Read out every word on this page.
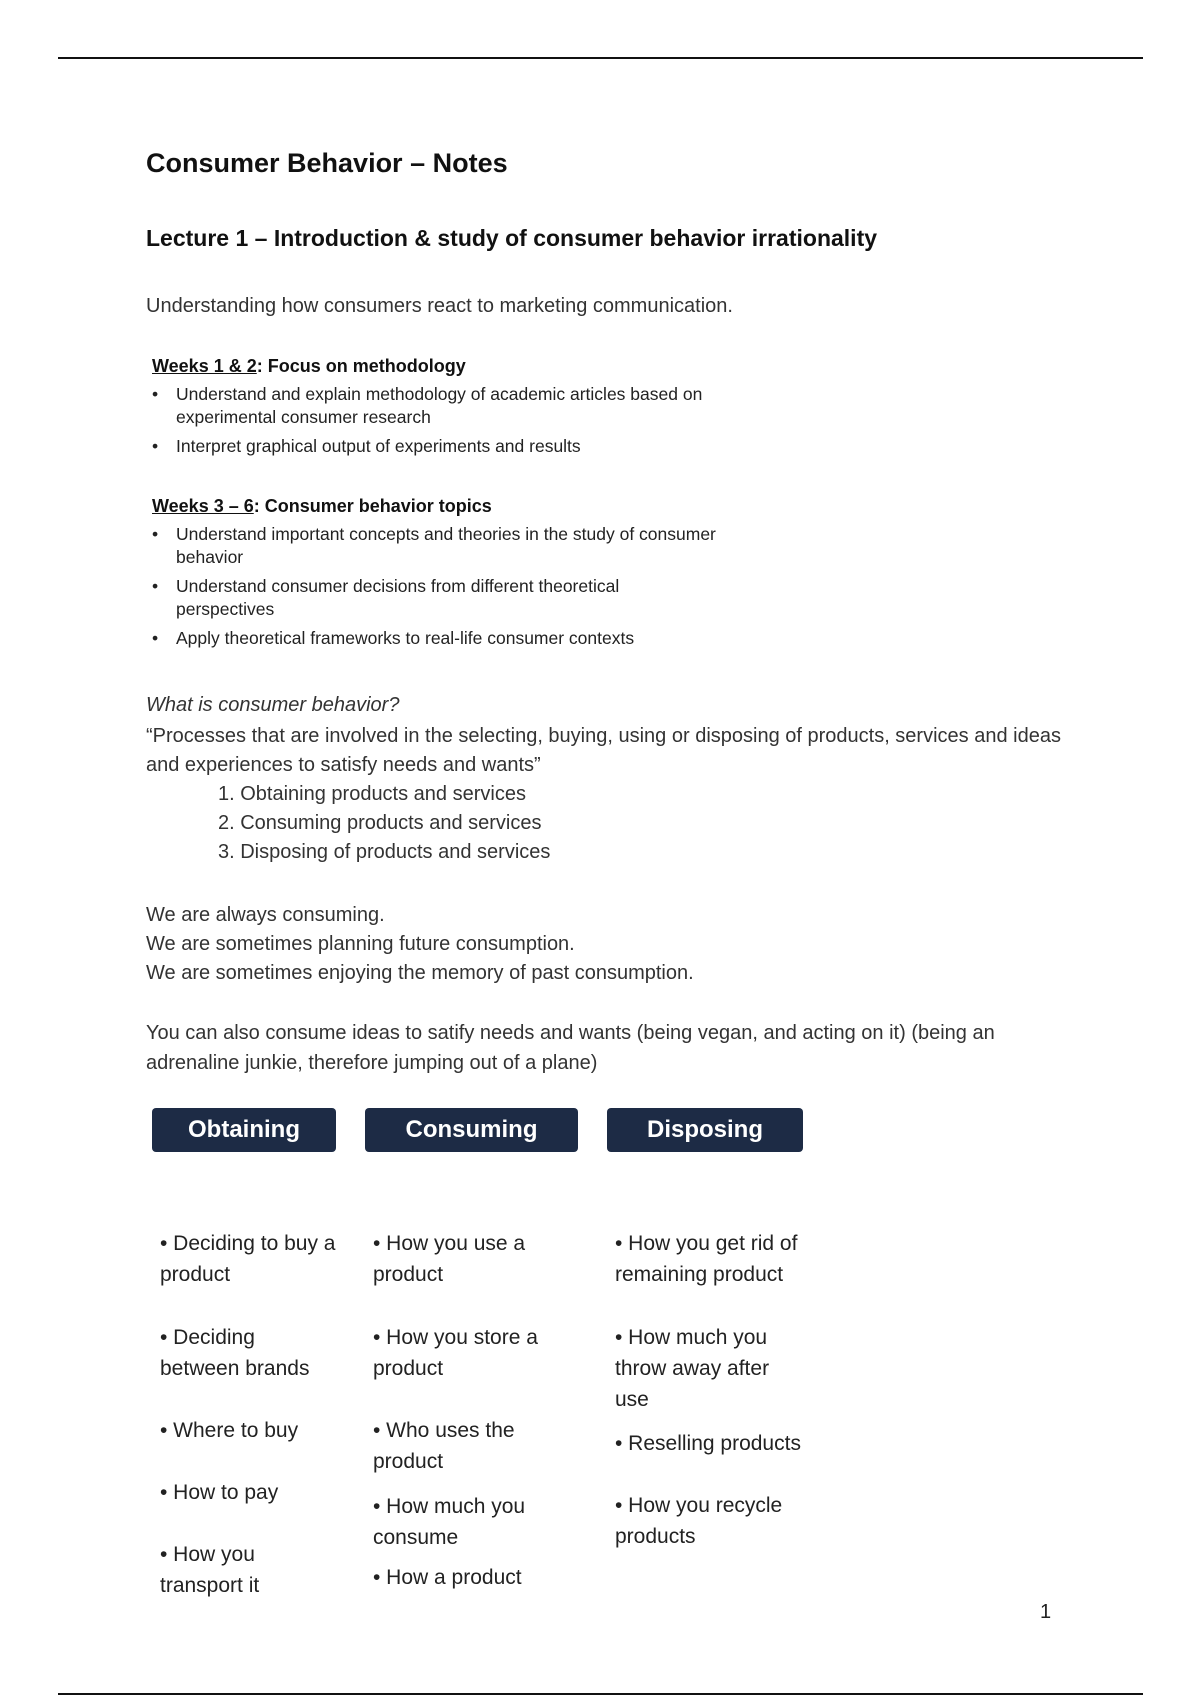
Consumer Behavior – Notes
Lecture 1 – Introduction & study of consumer behavior irrationality
Understanding how consumers react to marketing communication.
Weeks 1 & 2: Focus on methodology
• Understand and explain methodology of academic articles based on experimental consumer research
• Interpret graphical output of experiments and results
Weeks 3 – 6: Consumer behavior topics
• Understand important concepts and theories in the study of consumer behavior
• Understand consumer decisions from different theoretical perspectives
• Apply theoretical frameworks to real-life consumer contexts
What is consumer behavior?
“Processes that are involved in the selecting, buying, using or disposing of products, services and ideas and experiences to satisfy needs and wants”
1. Obtaining products and services
2. Consuming products and services
3. Disposing of products and services
We are always consuming.
We are sometimes planning future consumption.
We are sometimes enjoying the memory of past consumption.
You can also consume ideas to satify needs and wants (being vegan, and acting on it) (being an adrenaline junkie, therefore jumping out of a plane)
Obtaining
• Deciding to buy a product
• Deciding between brands
• Where to buy
• How to pay
• How you transport it
Consuming
• How you use a product
• How you store a product
• Who uses the product
• How much you consume
• How a product
Disposing
• How you get rid of remaining product
• How much you throw away after use
• Reselling products
• How you recycle products
1
